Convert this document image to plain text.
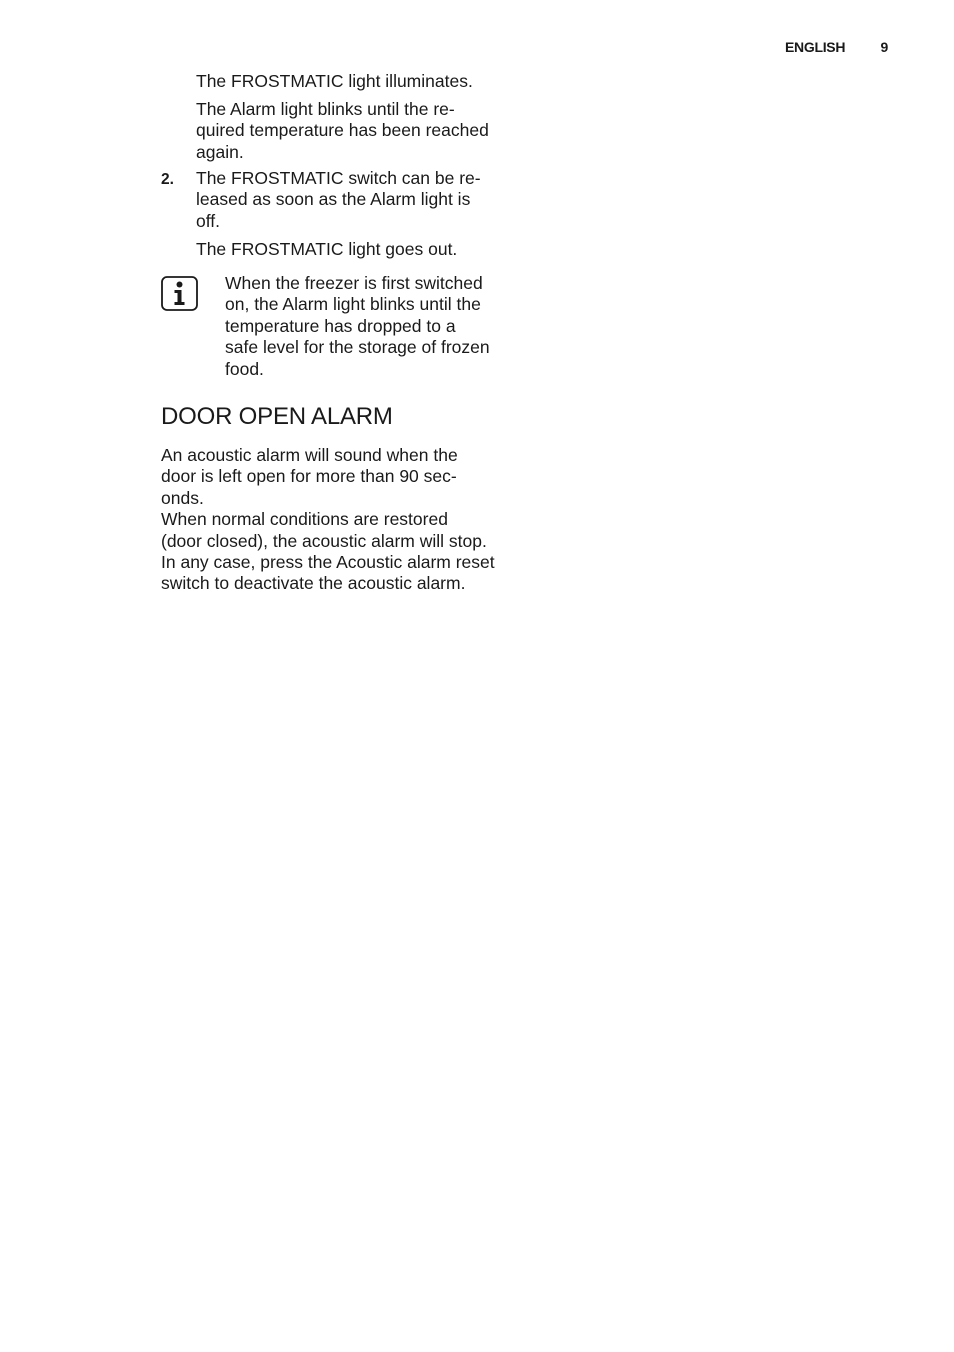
ENGLISH	9

The FROSTMATIC light illuminates.

The Alarm light blinks until the re-
quired temperature has been reached
again.

2. The FROSTMATIC switch can be re-
leased as soon as the Alarm light is
off.

The FROSTMATIC light goes out.

When the freezer is first switched
on, the Alarm light blinks until the
temperature has dropped to a
safe level for the storage of frozen
food.

DOOR OPEN ALARM

An acoustic alarm will sound when the
door is left open for more than 90 sec-
onds.
When normal conditions are restored
(door closed), the acoustic alarm will stop.
In any case, press the Acoustic alarm reset
switch to deactivate the acoustic alarm.
